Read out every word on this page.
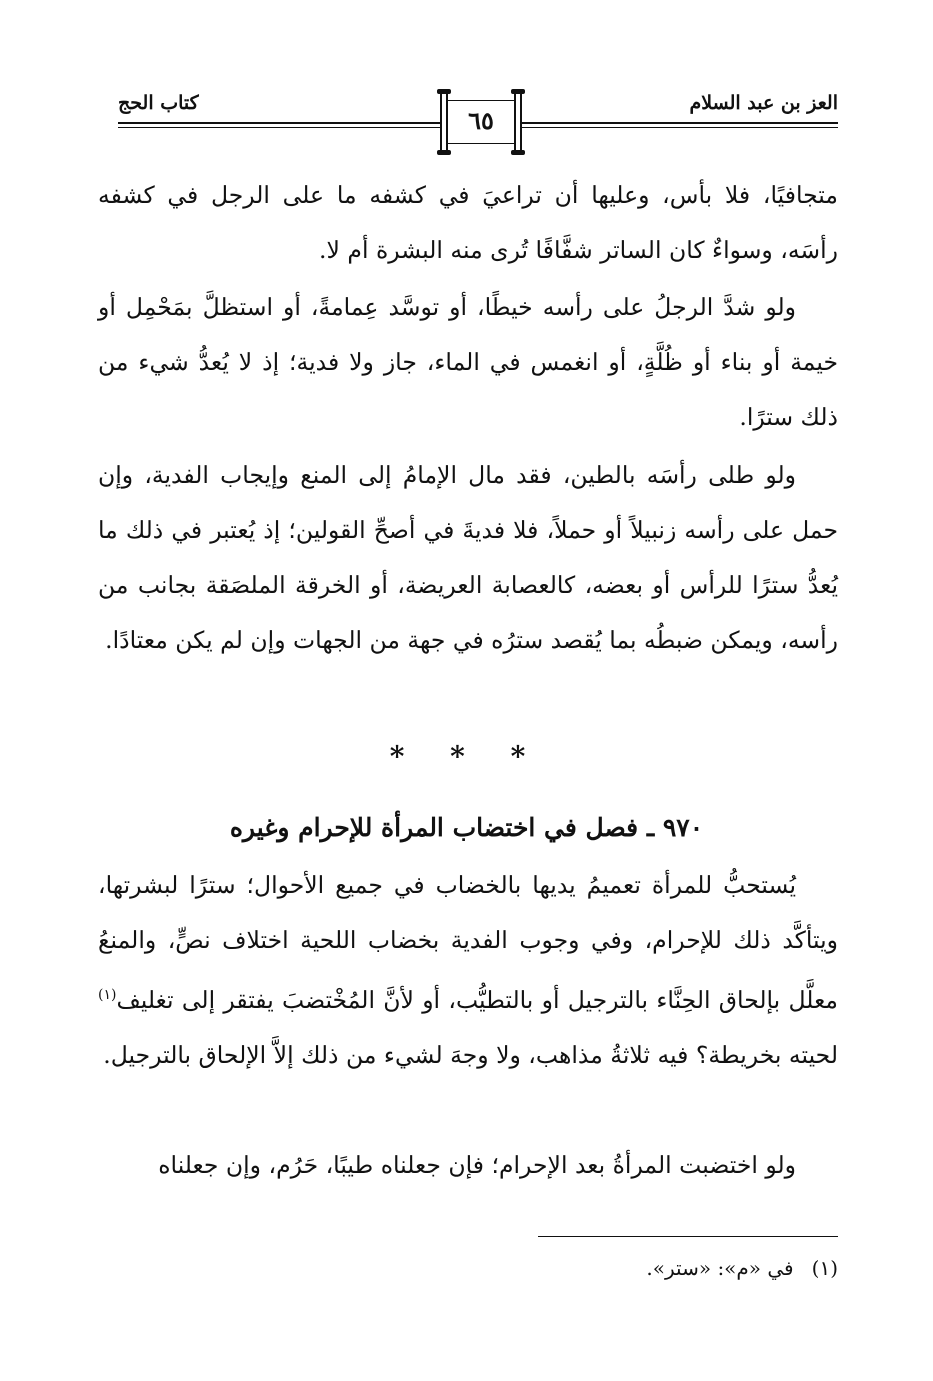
العز بن عبد السلام
كتاب الحج
٦٥

متجافيًا، فلا بأس، وعليها أن تراعيَ في كشفه ما على الرجل في كشفه رأسَه، وسواءٌ كان الساتر شفَّافًا تُرى منه البشرة أم لا.

ولو شدَّ الرجلُ على رأسه خيطًا، أو توسَّد عِمامةً، أو استظلَّ بمَحْمِل أو خيمة أو بناء أو ظُلَّةٍ، أو انغمس في الماء، جاز ولا فدية؛ إذ لا يُعدُّ شيء من ذلك سترًا.

ولو طلى رأسَه بالطين، فقد مال الإمامُ إلى المنع وإيجاب الفدية، وإن حمل على رأسه زنبيلاً أو حملاً، فلا فديةَ في أصحِّ القولين؛ إذ يُعتبر في ذلك ما يُعدُّ سترًا للرأس أو بعضه، كالعصابة العريضة، أو الخرقة الملصَقة بجانب من رأسه، ويمكن ضبطُه بما يُقصد سترُه في جهة من الجهات وإن لم يكن معتادًا.

* * *
٩٧٠ ـ فصل في اختضاب المرأة للإحرام وغيره

يُستحبُّ للمرأة تعميمُ يديها بالخضاب في جميع الأحوال؛ سترًا لبشرتها، ويتأكَّد ذلك للإحرام، وفي وجوب الفدية بخضاب اللحية اختلاف نصٍّ، والمنعُ معلَّل بإلحاق الحِنَّاء بالترجيل أو بالتطيُّب، أو لأنَّ المُخْتضبَ يفتقر إلى تغليف$^{(١)}$ لحيته بخريطة؟ فيه ثلاثةُ مذاهب، ولا وجهَ لشيء من ذلك إلاَّ الإلحاق بالترجيل.

ولو اختضبت المرأةُ بعد الإحرام؛ فإن جعلناه طيبًا، حَرُم، وإن جعلناه

(١)في «م»: «ستر».
